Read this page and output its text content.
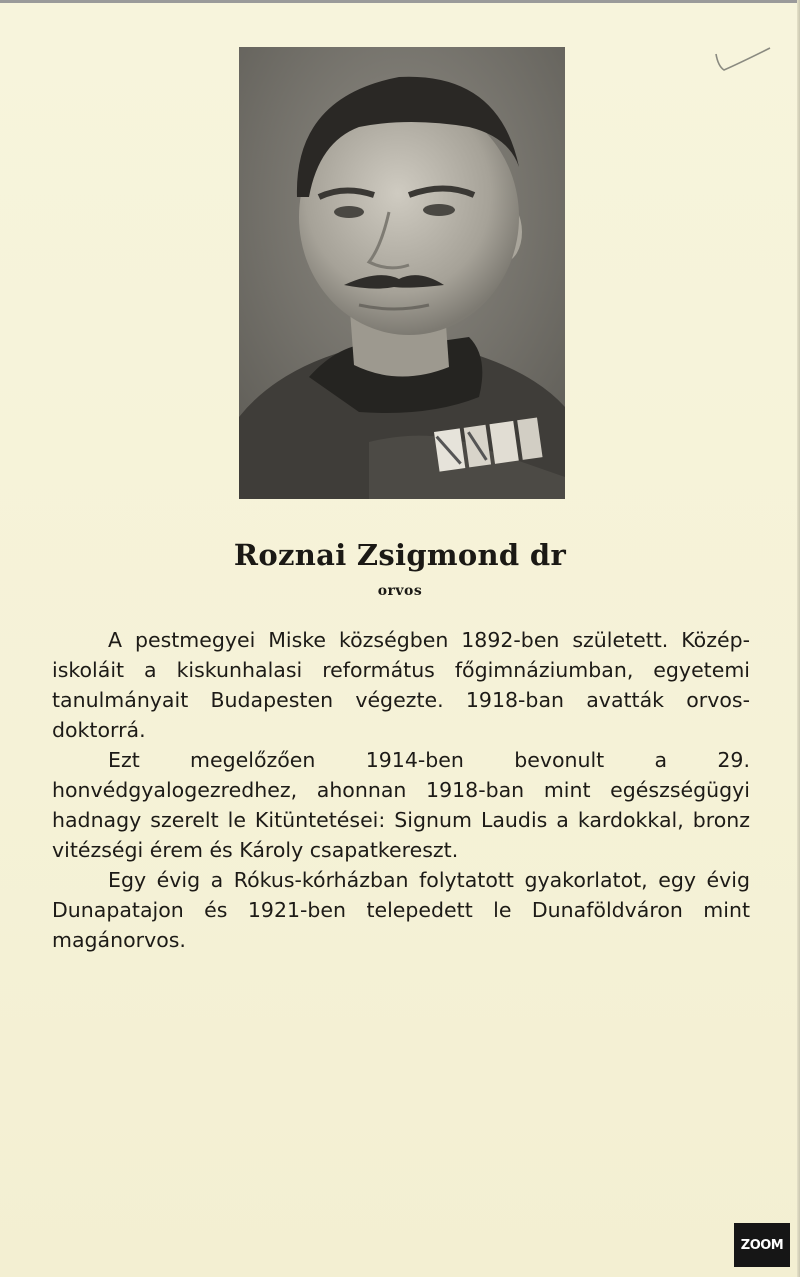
Roznai Zsigmond dr
orvos

A pestmegyei Miske községben 1892-ben született. Közép-iskoláit a kiskunhalasi református főgimnáziumban, egyetemi tanulmányait Budapesten végezte. 1918-ban avatták orvos-doktorrá.

Ezt megelőzően 1914-ben bevonult a 29. honvédgyalogezredhez, ahonnan 1918-ban mint egészségügyi hadnagy szerelt le Kitüntetései: Signum Laudis a kardokkal, bronz vitézségi érem és Károly csapatkereszt.

Egy évig a Rókus-kórházban folytatott gyakorlatot, egy évig Dunapatajon és 1921-ben telepedett le Dunaföldváron mint magánorvos.

ZOOM
